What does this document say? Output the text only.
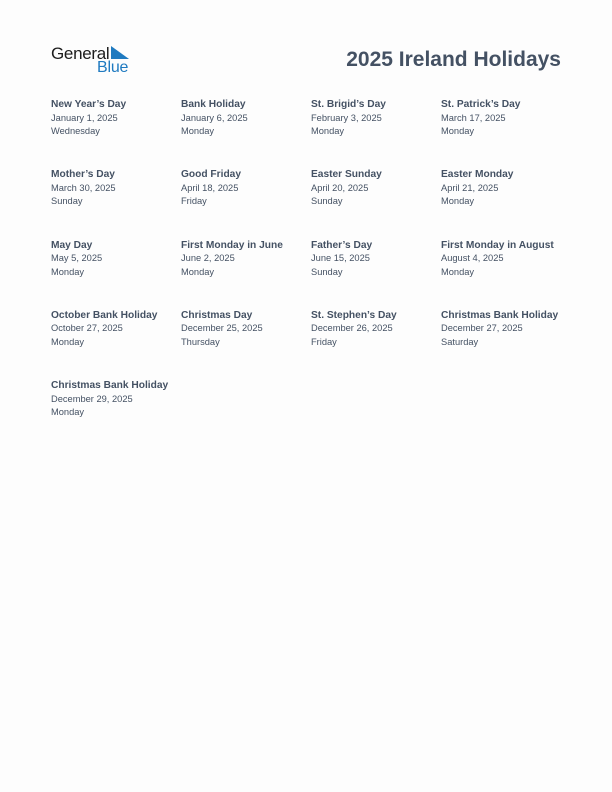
General
Blue	2025 Ireland Holidays
New Year’s Day
January 1, 2025
Wednesday
Bank Holiday
January 6, 2025
Monday
St. Brigid’s Day
February 3, 2025
Monday
St. Patrick’s Day
March 17, 2025
Monday
Mother’s Day
March 30, 2025
Sunday
Good Friday
April 18, 2025
Friday
Easter Sunday
April 20, 2025
Sunday
Easter Monday
April 21, 2025
Monday
May Day
May 5, 2025
Monday
First Monday in June
June 2, 2025
Monday
Father’s Day
June 15, 2025
Sunday
First Monday in August
August 4, 2025
Monday
October Bank Holiday
October 27, 2025
Monday
Christmas Day
December 25, 2025
Thursday
St. Stephen’s Day
December 26, 2025
Friday
Christmas Bank Holiday
December 27, 2025
Saturday
Christmas Bank Holiday
December 29, 2025
Monday
